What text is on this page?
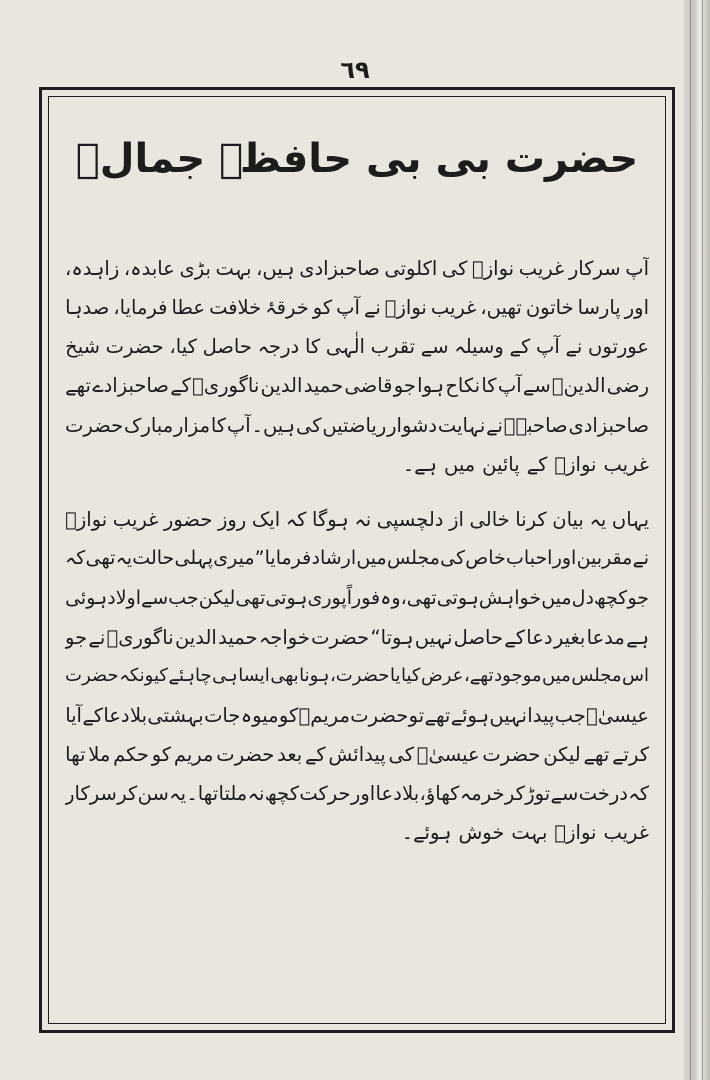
٦٩
حضرت بی بی حافظہ جمالؒ
آپ
سرکار
غریب
نوازؒ
کی
اکلوتی
صاحبزادی
ہیں،
بہت
بڑی
عابدہ،
زاہدہ،
اور
پارسا
خاتون
تھیں،
غریب
نوازؒ
نے
آپ
کو
خرقۂ
خلافت
عطا
فرمایا،
صدہا
عورتوں
نے
آپ
کے
وسیلہ
سے
تقرب
الٰہی
کا
درجہ
حاصل
کیا،
حضرت
شیخ
رضی
الدینؒ
سے
آپ
کا
نکاح
ہوا
جو
قاضی
حمید
الدین
ناگوریؒ
کے
صاحبزادے
تھے
صاحبزادی
صاحبہؒ
نے
نہایت
دشوار
ریاضتیں
کی
ہیں۔
آپ
کا
مزار
مبارک
حضرت
غریب
نوازؒ
کے
پائین
میں
ہے۔
یہاں
یہ
بیان
کرنا
خالی
از
دلچسپی
نہ
ہوگا
کہ
ایک
روز
حضور
غریب
نوازؒ
نے
مقربین
اور
احباب
خاص
کی
مجلس
میں
ارشاد
فرمایا
”میری
پہلی
حالت
یہ
تھی
کہ
جو
کچھ
دل
میں
خواہش
ہوتی
تھی،
وہ
فوراً
پوری
ہوتی
تھی
لیکن
جب
سے
اولاد
ہوئی
ہے
مدعا
بغیر
دعا
کے
حاصل
نہیں
ہوتا“
حضرت
خواجہ
حمید
الدین
ناگوریؒ
نے
جو
اس
مجلس
میں
موجود
تھے،
عرض
کیا
یا
حضرت،
ہونا
بھی
ایسا
ہی
چاہئے
کیونکہ
حضرت
عیسیٰؑ
جب
پیدا
نہیں
ہوئے
تھے
تو
حضرت
مریمؑ
کو
میوہ
جات
بہشتی
بلا
دعا
کے
آیا
کرتے
تھے
لیکن
حضرت
عیسیٰؑ
کی
پیدائش
کے
بعد
حضرت
مریم
کو
حکم
ملا
تھا
کہ
درخت
سے
توڑ
کر
خرمہ
کھاؤ،
بلا
دعا
اور
حرکت
کچھ
نہ
ملتا
تھا۔
یہ
سن
کر
سرکار
غریب
نوازؒ
بہت
خوش
ہوئے۔
